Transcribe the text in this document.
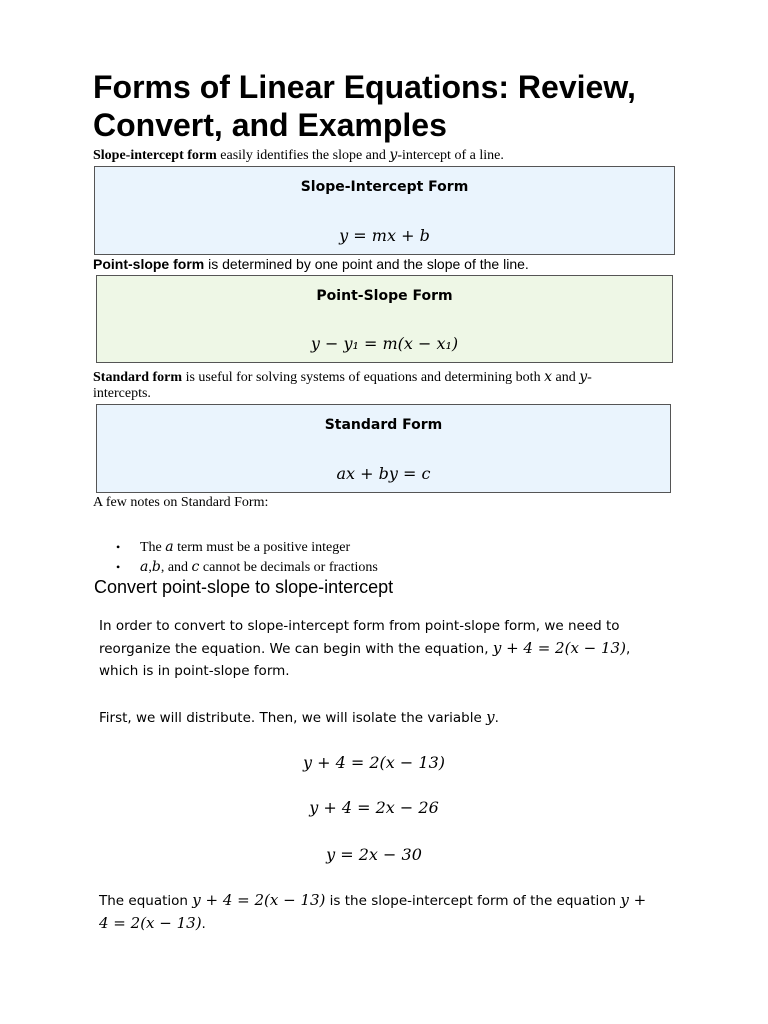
Forms of Linear Equations: Review, Convert, and Examples
Slope-intercept form easily identifies the slope and y-intercept of a line.
Slope-Intercept Form
y = mx + b
Point-slope form is determined by one point and the slope of the line.
Point-Slope Form
y − y₁ = m(x − x₁)
Standard form is useful for solving systems of equations and determining both x and y-
intercepts.
Standard Form
ax + by = c
A few notes on Standard Form:
• The a term must be a positive integer
• a,b, and c cannot be decimals or fractions
Convert point-slope to slope-intercept
In order to convert to slope-intercept form from point-slope form, we need to
reorganize the equation. We can begin with the equation, y + 4 = 2(x − 13),
which is in point-slope form.
First, we will distribute. Then, we will isolate the variable y.
y + 4 = 2(x − 13)
y + 4 = 2x − 26
y = 2x − 30
The equation y + 4 = 2(x − 13) is the slope-intercept form of the equation y +
4 = 2(x − 13).
